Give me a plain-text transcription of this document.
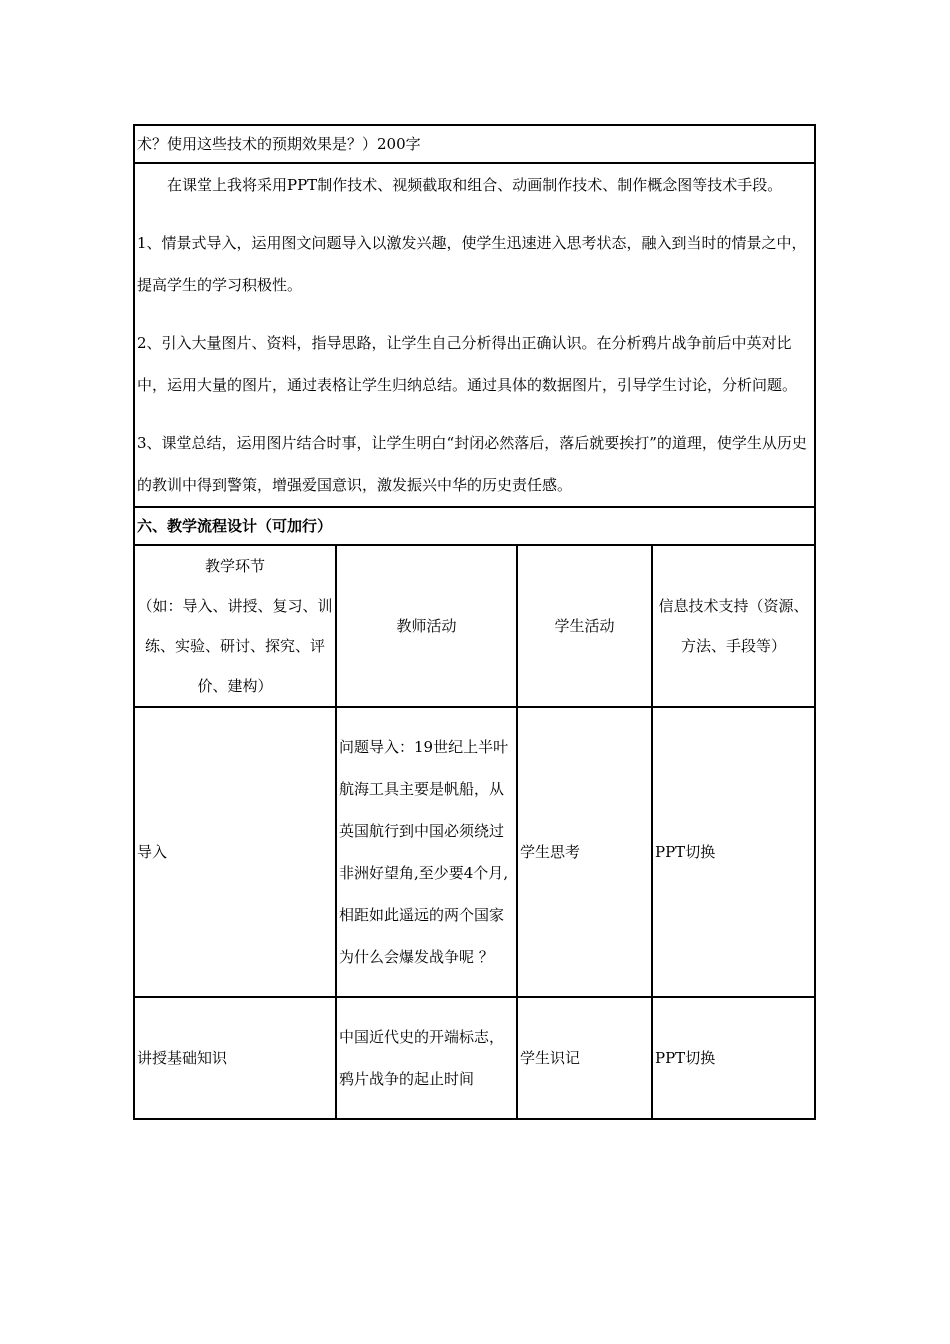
术？使用这些技术的预期效果是？）200字			

在课堂上我将采用PPT制作技术、视频截取和组合、动画制作技术、制作概念图等技术手段。

1、情景式导入，运用图文问题导入以激发兴趣，使学生迅速进入思考状态，融入到当时的情景之中，提高学生的学习积极性。

2、引入大量图片、资料，指导思路，让学生自己分析得出正确认识。在分析鸦片战争前后中英对比中，运用大量的图片，通过表格让学生归纳总结。通过具体的数据图片，引导学生讨论，分析问题。

3、课堂总结，运用图片结合时事，让学生明白“封闭必然落后，落后就要挨打”的道理，使学生从历史的教训中得到警策，增强爱国意识，激发振兴中华的历史责任感。			

六、教学流程设计（可加行）			

教学环节
（如：导入、讲授、复习、训练、实验、研讨、探究、评价、建构）	教师活动	学生活动	信息技术支持（资源、方法、手段等）
导入	问题导入：19世纪上半叶航海工具主要是帆船，从英国航行到中国必须绕过非洲好望角,至少要4个月, 相距如此遥远的两个国家为什么会爆发战争呢 ？	学生思考	PPT切换
讲授基础知识	中国近代史的开端标志，鸦片战争的起止时间	学生识记	PPT切换
